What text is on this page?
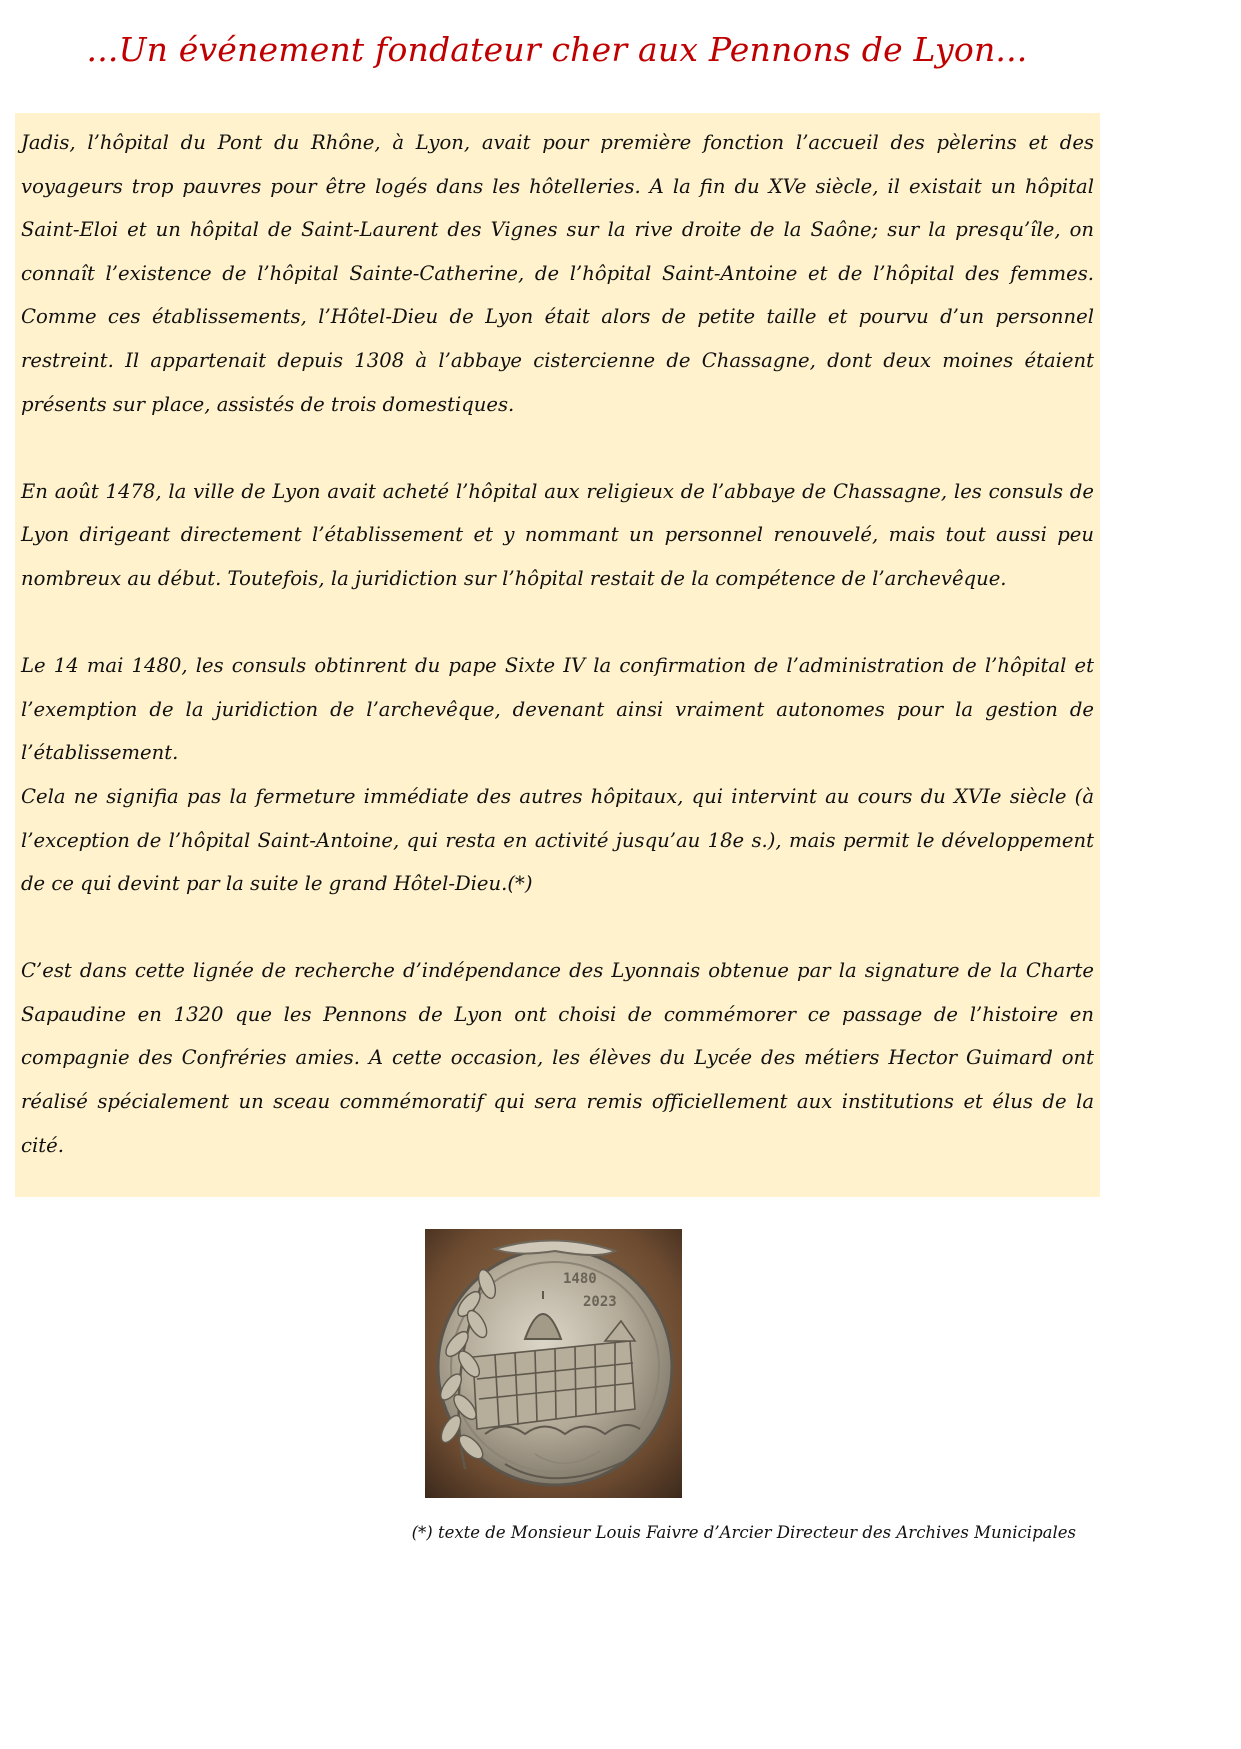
...Un événement fondateur cher aux Pennons de Lyon...

Jadis, l’hôpital du Pont du Rhône, à Lyon, avait pour première fonction l’accueil des pèlerins et des voyageurs trop pauvres pour être logés dans les hôtelleries. A la fin du XVe siècle, il existait un hôpital Saint-Eloi et un hôpital de Saint-Laurent des Vignes sur la rive droite de la Saône; sur la presqu’île, on connaît l’existence de l’hôpital Sainte-Catherine, de l’hôpital Saint-Antoine et de l’hôpital des femmes. Comme ces établissements, l’Hôtel-Dieu de Lyon était alors de petite taille et pourvu d’un personnel restreint. Il appartenait depuis 1308 à l’abbaye cistercienne de Chassagne, dont deux moines étaient présents sur place, assistés de trois domestiques.

En août 1478, la ville de Lyon avait acheté l’hôpital aux religieux de l’abbaye de Chassagne, les consuls de Lyon dirigeant directement l’établissement et y nommant un personnel renouvelé, mais tout aussi peu nombreux au début. Toutefois, la juridiction sur l’hôpital restait de la compétence de l’archevêque.

Le 14 mai 1480, les consuls obtinrent du pape Sixte IV la confirmation de l’administration de l’hôpital et l’exemption de la juridiction de l’archevêque, devenant ainsi vraiment autonomes pour la gestion de l’établissement.

Cela ne signifia pas la fermeture immédiate des autres hôpitaux, qui intervint au cours du XVIe siècle (à l’exception de l’hôpital Saint-Antoine, qui resta en activité jusqu’au 18e s.), mais permit le développement de ce qui devint par la suite le grand Hôtel-Dieu.(*)

C’est dans cette lignée de recherche d’indépendance des Lyonnais obtenue par la signature de la Charte Sapaudine en 1320 que les Pennons de Lyon ont choisi de commémorer ce passage de l’histoire en compagnie des Confréries amies. A cette occasion, les élèves du Lycée des métiers Hector Guimard ont réalisé spécialement un sceau commémoratif qui sera remis officiellement aux institutions et élus de la cité.

1480
2023
(*) texte de Monsieur Louis Faivre d’Arcier Directeur des Archives Municipales
